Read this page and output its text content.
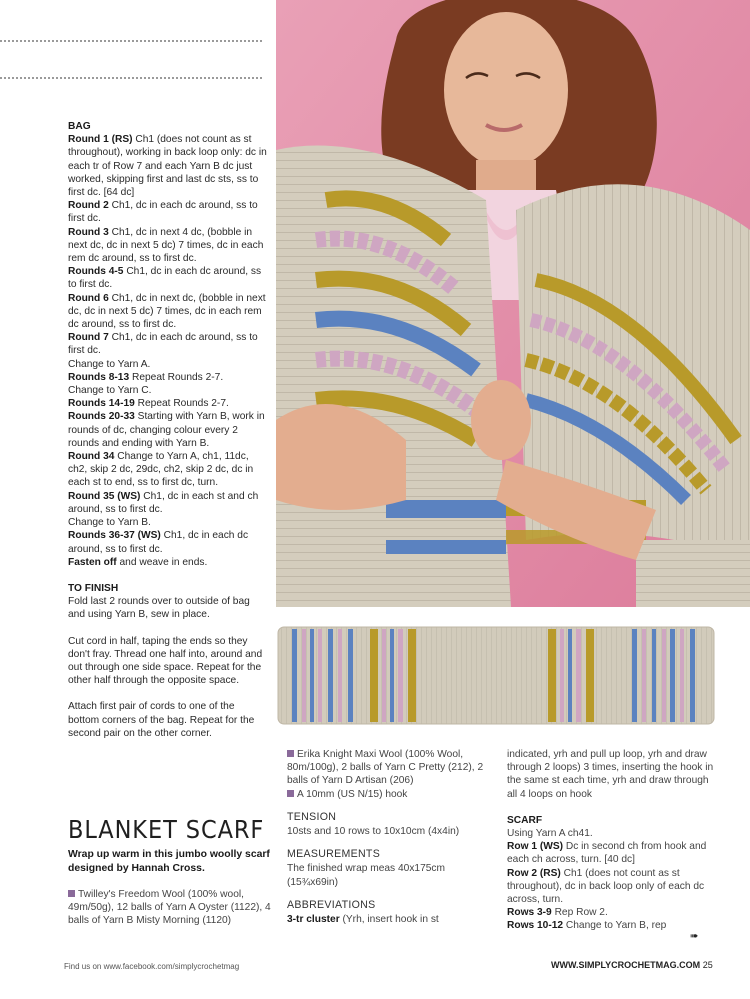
BAG

Round 1 (RS) Ch1 (does not count as st throughout), working in back loop only: dc in each tr of Row 7 and each Yarn B dc just worked, skipping first and last dc sts, ss to first dc. [64 dc]

Round 2 Ch1, dc in each dc around, ss to first dc.

Round 3 Ch1, dc in next 4 dc, (bobble in next dc, dc in next 5 dc) 7 times, dc in each rem dc around, ss to first dc.

Rounds 4-5 Ch1, dc in each dc around, ss to first dc.

Round 6 Ch1, dc in next dc, (bobble in next dc, dc in next 5 dc) 7 times, dc in each rem dc around, ss to first dc.

Round 7 Ch1, dc in each dc around, ss to first dc.

Change to Yarn A.

Rounds 8-13 Repeat Rounds 2-7.

Change to Yarn C.

Rounds 14-19 Repeat Rounds 2-7.

Rounds 20-33 Starting with Yarn B, work in rounds of dc, changing colour every 2 rounds and ending with Yarn B.

Round 34 Change to Yarn A, ch1, 11dc, ch2, skip 2 dc, 29dc, ch2, skip 2 dc, dc in each st to end, ss to first dc, turn.

Round 35 (WS) Ch1, dc in each st and ch around, ss to first dc.

Change to Yarn B.

Rounds 36-37 (WS) Ch1, dc in each dc around, ss to first dc.

Fasten off and weave in ends.

TO FINISH

Fold last 2 rounds over to outside of bag and using Yarn B, sew in place.

Cut cord in half, taping the ends so they don't fray. Thread one half into, around and out through one side space. Repeat for the other half through the opposite space.

Attach first pair of cords to one of the bottom corners of the bag. Repeat for the second pair on the other corner.

BLANKET SCARF
Wrap up warm in this jumbo woolly scarf designed by Hannah Cross.
Twilley's Freedom Wool (100% wool, 49m/50g), 12 balls of Yarn A Oyster (1122), 4 balls of Yarn B Misty Morning (1120)
Erika Knight Maxi Wool (100% Wool, 80m/100g), 2 balls of Yarn C Pretty (212), 2 balls of Yarn D Artisan (206)
A 10mm (US N/15) hook
TENSION
10sts and 10 rows to 10x10cm (4x4in)
MEASUREMENTS
The finished wrap meas 40x175cm (15¾x69in)
ABBREVIATIONS
3-tr cluster (Yrh, insert hook in st
indicated, yrh and pull up loop, yrh and draw through 2 loops) 3 times, inserting the hook in the same st each time, yrh and draw through all 4 loops on hook
SCARF
Using Yarn A ch41.

Row 1 (WS) Dc in second ch from hook and each ch across, turn. [40 dc]

Row 2 (RS) Ch1 (does not count as st throughout), dc in back loop only of each dc across, turn.

Rows 3-9 Rep Row 2.

Rows 10-12 Change to Yarn B, rep

➠
Find us on www.facebook.com/simplycrochetmag	WWW.SIMPLYCROCHETMAG.COM 25
